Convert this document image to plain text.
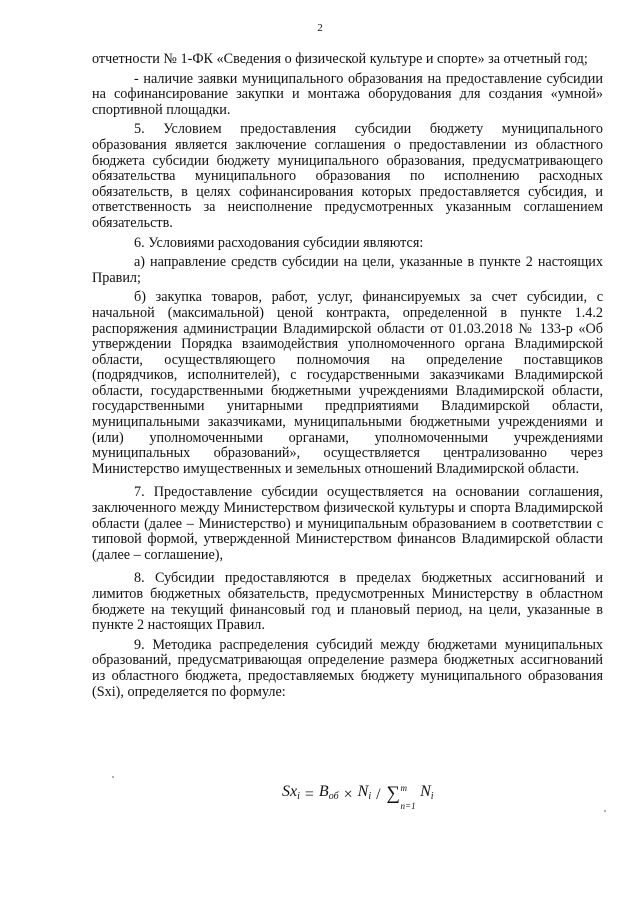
2

отчетности № 1-ФК «Сведения о физической культуре и спорте» за отчетный год;

- наличие заявки муниципального образования на предоставление субсидии на софинансирование закупки и монтажа оборудования для создания «умной» спортивной площадки.

5. Условием предоставления субсидии бюджету муниципального образования является заключение соглашения о предоставлении из областного бюджета субсидии бюджету муниципального образования, предусматривающего обязательства муниципального образования по исполнению расходных обязательств, в целях софинансирования которых предоставляется субсидия, и ответственность за неисполнение предусмотренных указанным соглашением обязательств.

6. Условиями расходования субсидии являются:

а) направление средств субсидии на цели, указанные в пункте 2 настоящих Правил;

б) закупка товаров, работ, услуг, финансируемых за счет субсидии, с начальной (максимальной) ценой контракта, определенной в пункте 1.4.2 распоряжения администрации Владимирской области от 01.03.2018 № 133-р «Об утверждении Порядка взаимодействия уполномоченного органа Владимирской области, осуществляющего полномочия на определение поставщиков (подрядчиков, исполнителей), с государственными заказчиками Владимирской области, государственными бюджетными учреждениями Владимирской области, государственными унитарными предприятиями Владимирской области, муниципальными заказчиками, муниципальными бюджетными учреждениями и (или) уполномоченными органами, уполномоченными учреждениями муниципальных образований», осуществляется централизованно через Министерство имущественных и земельных отношений Владимирской области.

7. Предоставление субсидии осуществляется на основании соглашения, заключенного между Министерством физической культуры и спорта Владимирской области (далее – Министерство) и муниципальным образованием в соответствии с типовой формой, утвержденной Министерством финансов Владимирской области (далее – соглашение),

8. Субсидии предоставляются в пределах бюджетных ассигнований и лимитов бюджетных обязательств, предусмотренных Министерству в областном бюджете на текущий финансовый год и плановый период, на цели, указанные в пункте 2 настоящих Правил.

9. Методика распределения субсидий между бюджетами муниципальных образований, предусматривающая определение размера бюджетных ассигнований из областного бюджета, предоставляемых бюджету муниципального образования (Sxi), определяется по формуле:

$Sx_i = B_{об} \times N_i$ / ∑ m
n=1
$N_i$
